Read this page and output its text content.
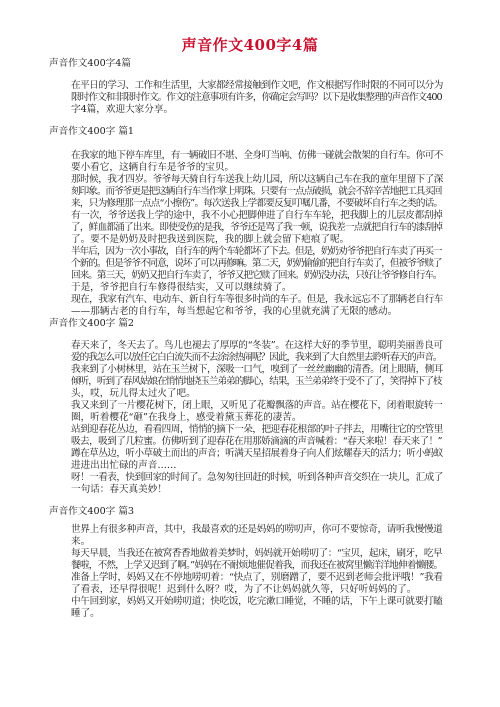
声音作文400字4篇
声音作文400字4篇
在平日的学习、工作和生活里，大家都经常接触到作文吧，作文根据写作时限的不同可以分为
限时作文和非限时作文。作文的注意事项有许多，你确定会写吗？以下是收集整理的声音作文400
字4篇，欢迎大家分享。
声音作文400字 篇1
在我家的地下停车库里，有一辆破旧不堪、全身叮当响、仿佛一碰就会散架的自行车。你可不
要小看它，这辆自行车是爷爷的宝贝。
那时候，我才四岁。爷爷每天骑自行车送我上幼儿园，所以这辆自己车在我的童年里留下了深
刻印象。而爷爷更是把这辆自行车当作掌上明珠。只要有一点点破损，就会不辞辛苦地把工具买回
来，只为修理那一点点“小擦伤”。每次送我上学都要反复叮嘱几番，不要破坏自行车之类的话。
有一次，爷爷送我上学的途中，我不小心把脚伸进了自行车车轮，把我脚上的儿层皮都刮掉
了，鲜血都涌了出来。即使受伤的是我，爷爷还是骂了我一顿，说我差一点就把自行车的漆刮掉
了。要不是奶奶及时把我送到医院，我的脚上就会留下疤痕了呢。
半年后，因为一次小事故，自行车的两个车轮都坏了下去。但是，奶奶劝爷爷把自行车卖了再买一
个新的。但是爷爷不同意，说坏了可以再修嘛。第二天，奶奶偷偷的把自行车卖了，但被爷爷赎了
回来。第三天，奶奶又把自行车卖了，爷爷又把它赎了回来。奶奶没办法，只好让爷爷修自行车。
于是，爷爷把自行车修得很结实，又可以继续骑了。
现在，我家有汽车、电动车、新自行车等很多时尚的车子。但是，我永远忘不了那辆老自行车
——那辆古老的自行车，每当想起它和爷爷，我的心里就充满了无限的感动。
声音作文400字 篇2
春天来了，冬天去了。鸟儿也褪去了厚厚的“冬装”。在这样大好的季节里，聪明美丽善良可
爱的我怎么可以放任它白白流失而不去涂涂热闹呢？因此，我来到了大自然里去聆听春天的声音。
我来到了小树林里，站在玉兰树下，深吸一口气，嗅到了一丝丝幽幽的清香。闭上眼睛，侧耳
倾听，听到了春风姑娘在悄悄地挠玉兰弟弟的脚心，结果，玉兰弟弟终于受不了了，笑得掉下了枝
头，哎，玩儿得太过火了吧。
我又来到了一片樱花树下，闭上眼，又听见了花瓣飘落的声音。站在樱花下，闭着眼旋转一
圈，听着樱花“砸”在我身上，感受着黛玉葬花的凄苦。
站到迎春花丛边，看看四周，悄悄的摘下一朵，把迎春花根部的叶子拌去，用嘴往它的空管里
吸去，吸到了几粒蜜。仿佛听到了迎春花在用那娇滴滴的声音喊着：“春天来啦！春天来了！”
蹲在草丛边，听小草破土而出的声音；听满天星招展着身子向人们炫耀春天的活力；听小蚂蚁
进进出出忙碌的声音……
呀！一看表，快到回家的时间了。急匆匆往回赶的时候，听到各种声音交织在一块儿，汇成了
一句话：春天真美妙！
声音作文400字 篇3
世界上有很多种声音，其中，我最喜欢的还是妈妈的唠叨声，你可不要惊奇，请听我慢慢道
来。
每天早晨，当我还在被窝香香地做着美梦时，妈妈就开始唠叨了：“宝贝，起床，刷牙，吃早
餐啦，不然，上学又迟到了啊。”妈妈在不耐烦地催促着我，而我还在被窝里懒洋洋地伸着懒腰。
准备上学时，妈妈又在不停地唠叨着：“快点了，别磨蹭了，要不迟到老师会批评哦！”我看
了看表，还早得很呢！迟到什么呀？哎，为了不让妈妈就久等，只好听妈妈的了。
中午回到家，妈妈又开始唠叨道；快吃饭，吃完漱口睡觉，不睡的话，下午上课可就要打瞌
睡了。
